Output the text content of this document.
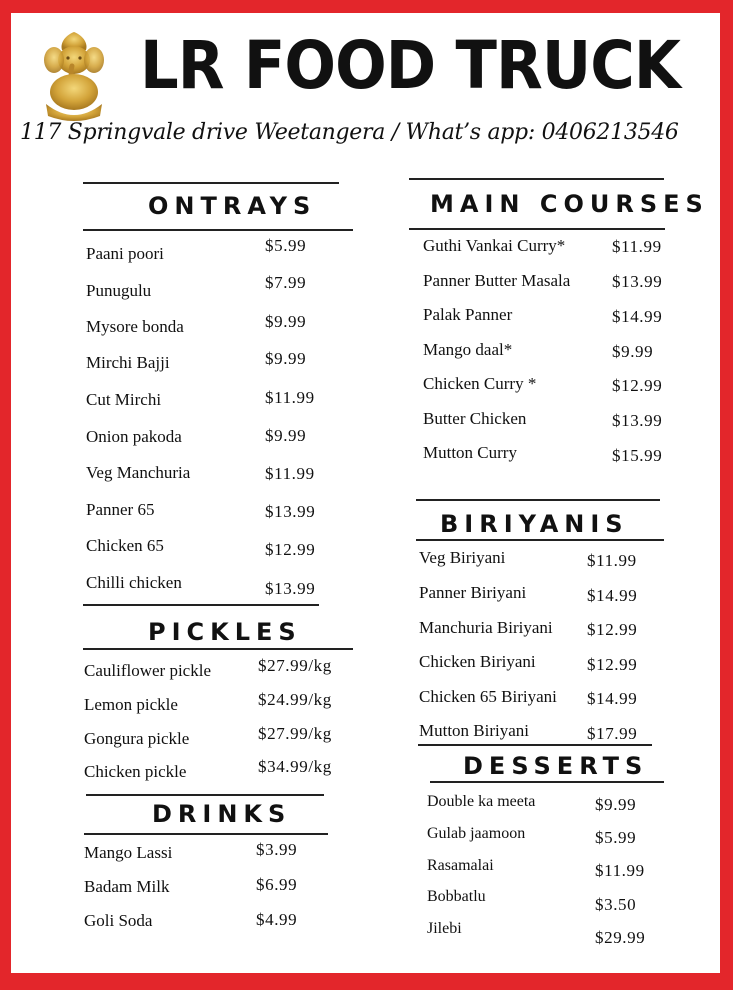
LR FOOD TRUCK
117 Springvale drive Weetangera / What’s app: 0406213546
ONTRAYS
Paani poori	$5.99
Punugulu	$7.99
Mysore bonda	$9.99
Mirchi Bajji	$9.99
Cut Mirchi	$11.99
Onion pakoda	$9.99
Veg Manchuria	$11.99
Panner 65	$13.99
Chicken 65	$12.99
Chilli chicken	$13.99
PICKLES
Cauliflower pickle	$27.99/kg
Lemon pickle	$24.99/kg
Gongura pickle	$27.99/kg
Chicken pickle	$34.99/kg
DRINKS
Mango Lassi	$3.99
Badam Milk	$6.99
Goli Soda	$4.99
MAIN COURSES
Guthi Vankai Curry*	$11.99
Panner Butter Masala $13.99
Palak Panner	$14.99
Mango daal*	$9.99
Chicken Curry *	$12.99
Butter Chicken	$13.99
Mutton Curry	$15.99
BIRIYANIS
Veg Biriyani	$11.99
Panner Biriyani	$14.99
Manchuria Biriyani $12.99
Chicken Biriyani	$12.99
Chicken 65 Biriyani $14.99
Mutton Biriyani	$17.99
DESSERTS
Double ka meeta	$9.99
Gulab jaamoon	$5.99
Rasamalai	$11.99
Bobbatlu	$3.50
Jilebi	$29.99
